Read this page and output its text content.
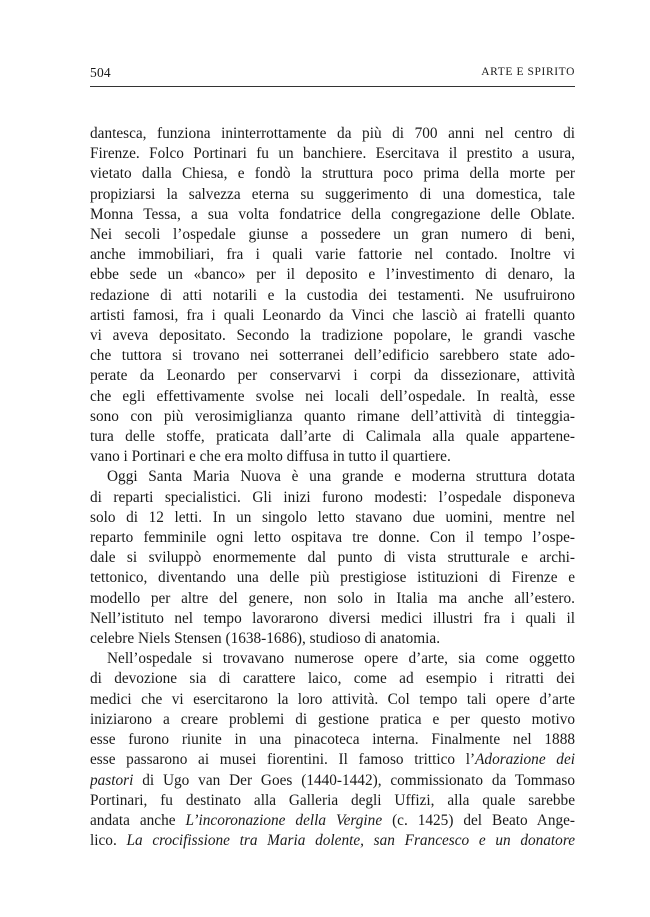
504	ARTE E SPIRITO
dantesca, funziona ininterrottamente da più di 700 anni nel centro di
Firenze. Folco Portinari fu un banchiere. Esercitava il prestito a usura,
vietato dalla Chiesa, e fondò la struttura poco prima della morte per
propiziarsi la salvezza eterna su suggerimento di una domestica, tale
Monna Tessa, a sua volta fondatrice della congregazione delle Oblate.
Nei secoli l’ospedale giunse a possedere un gran numero di beni,
anche immobiliari, fra i quali varie fattorie nel contado. Inoltre vi
ebbe sede un «banco» per il deposito e l’investimento di denaro, la
redazione di atti notarili e la custodia dei testamenti. Ne usufruirono
artisti famosi, fra i quali Leonardo da Vinci che lasciò ai fratelli quanto
vi aveva depositato. Secondo la tradizione popolare, le grandi vasche
che tuttora si trovano nei sotterranei dell’edificio sarebbero state ado-
perate da Leonardo per conservarvi i corpi da dissezionare, attività
che egli effettivamente svolse nei locali dell’ospedale. In realtà, esse
sono con più verosimiglianza quanto rimane dell’attività di tinteggia-
tura delle stoffe, praticata dall’arte di Calimala alla quale appartene-
vano i Portinari e che era molto diffusa in tutto il quartiere.
Oggi Santa Maria Nuova è una grande e moderna struttura dotata
di reparti specialistici. Gli inizi furono modesti: l’ospedale disponeva
solo di 12 letti. In un singolo letto stavano due uomini, mentre nel
reparto femminile ogni letto ospitava tre donne. Con il tempo l’ospe-
dale si sviluppò enormemente dal punto di vista strutturale e archi-
tettonico, diventando una delle più prestigiose istituzioni di Firenze e
modello per altre del genere, non solo in Italia ma anche all’estero.
Nell’istituto nel tempo lavorarono diversi medici illustri fra i quali il
celebre Niels Stensen (1638-1686), studioso di anatomia.
Nell’ospedale si trovavano numerose opere d’arte, sia come oggetto
di devozione sia di carattere laico, come ad esempio i ritratti dei
medici che vi esercitarono la loro attività. Col tempo tali opere d’arte
iniziarono a creare problemi di gestione pratica e per questo motivo
esse furono riunite in una pinacoteca interna. Finalmente nel 1888
esse passarono ai musei fiorentini. Il famoso trittico l’Adorazione dei
pastori di Ugo van Der Goes (1440-1442), commissionato da Tommaso
Portinari, fu destinato alla Galleria degli Uffizi, alla quale sarebbe
andata anche L’incoronazione della Vergine (c. 1425) del Beato Ange-
lico. La crocifissione tra Maria dolente, san Francesco e un donatore
